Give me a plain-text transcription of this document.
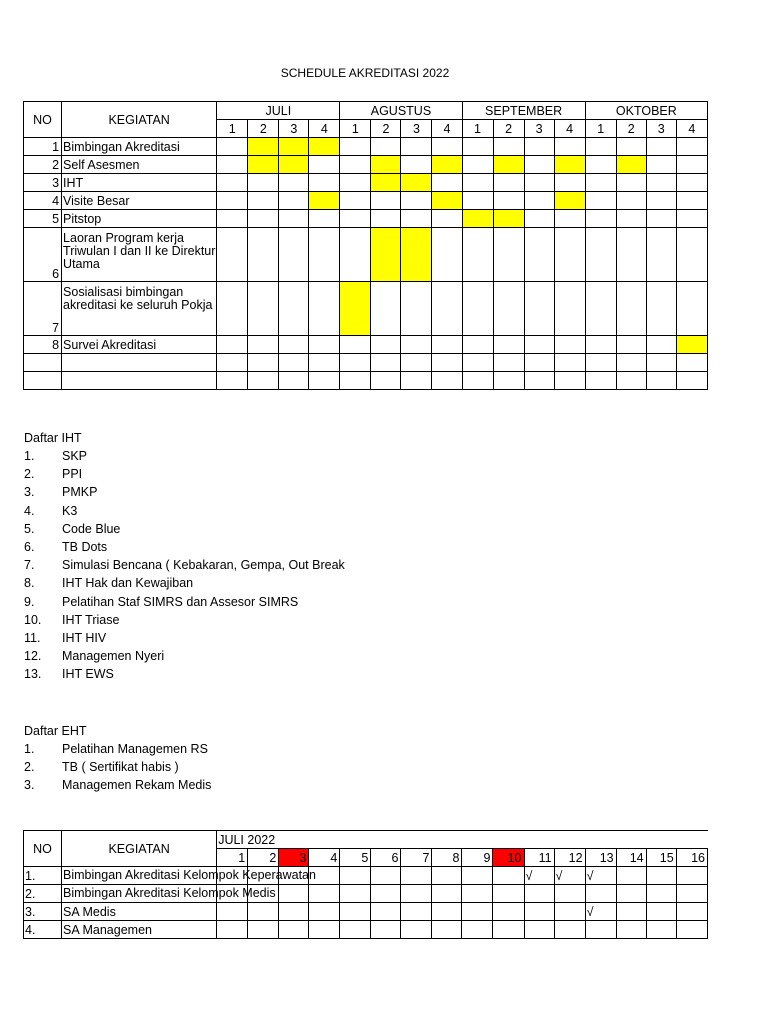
SCHEDULE AKREDITASI 2022
NO	KEGIATAN	JULI				AGUSTUS				SEPTEMBER				OKTOBER			
		1	2	3	4	1	2	3	4	1	2	3	4	1	2	3	4
1	Bimbingan Akreditasi																
2	Self Asesmen																
3	IHT																
4	Visite Besar																
5	Pitstop																
6	Laoran Program kerja Triwulan I dan II ke Direktur Utama																
7	Sosialisasi bimbingan akreditasi ke seluruh Pokja																
8	Survei Akreditasi																

Daftar IHT
1. SKP
2. PPI
3. PMKP
4. K3
5. Code Blue
6. TB Dots
7. Simulasi Bencana ( Kebakaran, Gempa, Out Break
8. IHT Hak dan Kewajiban
9. Pelatihan Staf SIMRS dan Assesor SIMRS
10. IHT Triase
11. IHT HIV
12. Managemen Nyeri
13. IHT EWS
Daftar EHT
1. Pelatihan Managemen RS
2. TB ( Sertifikat habis )
3. Managemen Rekam Medis
NO	KEGIATAN	JULI 2022															
		1	2	3	4	5	6	7	8	9	10	11	12	13	14	15	16
1.	Bimbingan Akreditasi Kelompok Keperawatan											√	√	√			
2.	Bimbingan Akreditasi Kelompok Medis																

3.	SA Medis													√			
4.	SA Managemen																
